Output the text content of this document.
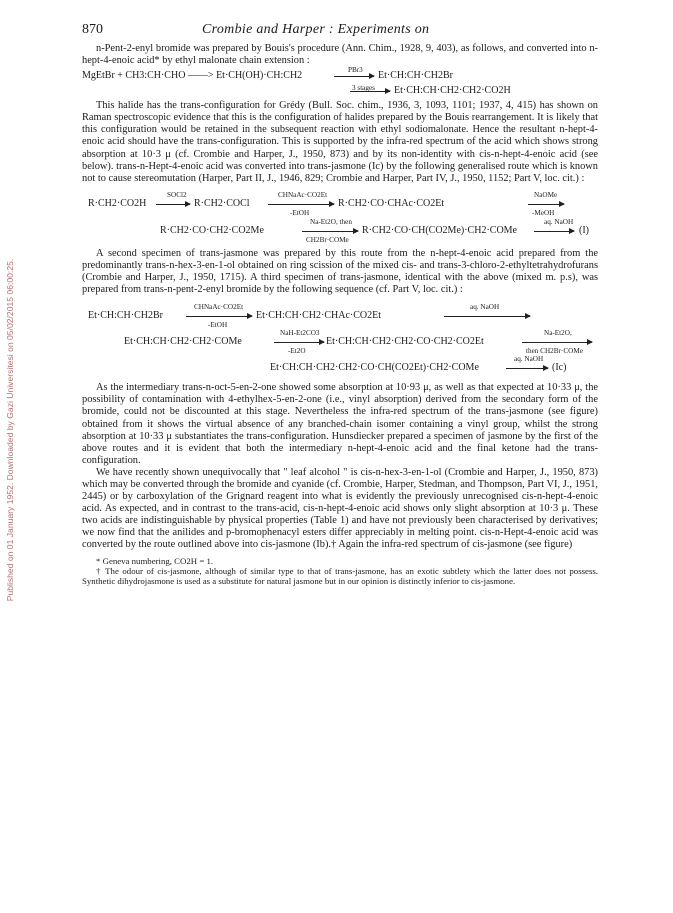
Published on 01 January 1952. Downloaded by Gazi Universitesi on 05/02/2015 06:00:25.
870	Crombie and Harper : Experiments on

n-Pent-2-enyl bromide was prepared by Bouis's procedure (Ann. Chim., 1928, 9, 403), as follows, and converted into n-hept-4-enoic acid* by ethyl malonate chain extension :

MgEtBr + CH3:CH·CHO ——> Et·CH(OH)·CH:CH2	PBr3 Et·CH:CH·CH2Br
3 stages Et·CH:CH·CH2·CH2·CO2H

This halide has the trans-configuration for Grédy (Bull. Soc. chim., 1936, 3, 1093, 1101; 1937, 4, 415) has shown on Raman spectroscopic evidence that this is the configuration of halides prepared by the Bouis rearrangement. It is likely that this configuration would be retained in the subsequent reaction with ethyl sodiomalonate. Hence the resultant n-hept-4-enoic acid should have the trans-configuration. This is supported by the infra-red spectrum of the acid which shows strong absorption at 10·3 μ (cf. Crombie and Harper, J., 1950, 873) and by its non-identity with cis-n-hept-4-enoic acid (see below). trans-n-Hept-4-enoic acid was converted into trans-jasmone (Ic) by the following generalised route which is known not to cause stereomutation (Harper, Part II, J., 1946, 829; Crombie and Harper, Part IV, J., 1950, 1152; Part V, loc. cit.) :

R·CH2·CO2H
SOCl2
R·CH2·COCl
CHNaAc·CO2Et
-EtOH
R·CH2·CO·CHAc·CO2Et
NaOMe
-MeOH
R·CH2·CO·CH2·CO2Me
Na-Et2O, then
CH2Br·COMe
R·CH2·CO·CH(CO2Me)·CH2·COMe
aq. NaOH
(I)

A second specimen of trans-jasmone was prepared by this route from the n-hept-4-enoic acid prepared from the predominantly trans-n-hex-3-en-1-ol obtained on ring scission of the mixed cis- and trans-3-chloro-2-ethyltetrahydrofurans (Crombie and Harper, J., 1950, 1715). A third specimen of trans-jasmone, identical with the above (mixed m. p.s), was prepared from trans-n-pent-2-enyl bromide by the following sequence (cf. Part V, loc. cit.) :

Et·CH:CH·CH2Br
CHNaAc·CO2Et
-EtOH
Et·CH:CH·CH2·CHAc·CO2Et
aq. NaOH
Et·CH:CH·CH2·CH2·COMe
NaH-Et2CO3
-Et2O
Et·CH:CH·CH2·CH2·CO·CH2·CO2Et
Na-Et2O,
then CH2Br·COMe
Et·CH:CH·CH2·CH2·CO·CH(CO2Et)·CH2·COMe
aq. NaOH
(Ic)

As the intermediary trans-n-oct-5-en-2-one showed some absorption at 10·93 μ, as well as that expected at 10·33 μ, the possibility of contamination with 4-ethylhex-5-en-2-one (i.e., vinyl absorption) derived from the secondary form of the bromide, could not be discounted at this stage. Nevertheless the infra-red spectrum of the trans-jasmone (see figure) obtained from it shows the virtual absence of any branched-chain isomer containing a vinyl group, whilst the strong absorption at 10·33 μ substantiates the trans-configuration. Hunsdiecker prepared a specimen of jasmone by the first of the above routes and it is evident that both the intermediary n-hept-4-enoic acid and the final ketone had the trans-configuration.

We have recently shown unequivocally that " leaf alcohol " is cis-n-hex-3-en-1-ol (Crombie and Harper, J., 1950, 873) which may be converted through the bromide and cyanide (cf. Crombie, Harper, Stedman, and Thompson, Part VI, J., 1951, 2445) or by carboxylation of the Grignard reagent into what is evidently the previously unrecognised cis-n-hept-4-enoic acid. As expected, and in contrast to the trans-acid, cis-n-hept-4-enoic acid shows only slight absorption at 10·3 μ. These two acids are indistinguishable by physical properties (Table 1) and have not previously been characterised by derivatives; we now find that the anilides and p-bromophenacyl esters differ appreciably in melting point. cis-n-Hept-4-enoic acid was converted by the route outlined above into cis-jasmone (Ib).† Again the infra-red spectrum of cis-jasmone (see figure)

* Geneva numbering, CO2H = 1.

† The odour of cis-jasmone, although of similar type to that of trans-jasmone, has an exotic subtlety which the latter does not possess. Synthetic dihydrojasmone is used as a substitute for natural jasmone but in our opinion is distinctly inferior to cis-jasmone.
